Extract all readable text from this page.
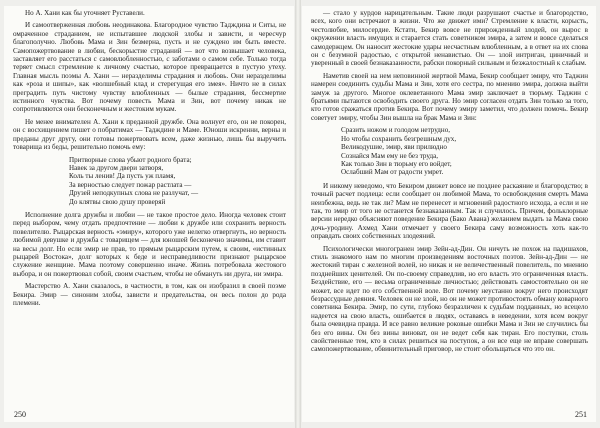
Но А. Хани как бы уточняет Руставели.

И самоотверженная любовь неодинакова. Благородное чувство Тадждина и Ситы, не омраченное страданием, не испытавшее людской злобы и зависти, и чересчур благополучно. Любовь Мама и Зин безмерна, пусть и не суждено им быть вместе. Самопожертвование в любви, бескорыстие страданий — вот что возвышает человека, заставляет его расстаться с самовлюбленностью, с заботами о самом себе. Только тогда теряет смысл стремление к личному счастью, которое превращается в пустую утеху. Главная мысль поэмы А. Хани — неразделимы страдания и любовь. Они неразделимы как «роза и шипы», как «волшебный клад и стерегущая его змея». Ничто не в силах преградить путь чистому чувству влюбленных — былые страдания, бессмертие истинного чувства. Вот почему повесть Мама и Зин, вот почему никак не сопротивляются они бесконечным и жестоким мукам.

Не менее внимателен А. Хани к преданной дружбе. Она волнует его, он не покорен, он с восхищением пишет о побратимах — Тадждине и Маме. Юноши искренни, верны и преданы друг другу, они готовы пожертвовать всем, даже жизнью, лишь бы выручить товарища из беды, решительно помочь ему:

Притворные слова убьют родного брата;
Навек за другом двери затворя,
Коль ты ленив! Да пусть уж пламя,
За верностью следует пожар растлата —
Друзей неподкупных слова не разлучат, —
До клятвы свою душу проверяй

Исполнение долга дружбы и любви — не такое простое дело. Иногда человек стоит перед выбором, чему отдать предпочтение — любви к дружбе или сохранить верность повелителю. Рыцарская верность «эмиру», которого уже нелегко отвергнуть, но верность любимой девушке и дружба с товарищем — для юношей бесконечно значимы, им ставит на весы долг. Но если эмир не прав, то прямым рыцарским путем, к своим, «истинных рыцарей Востока», долг которых к беде и несправедливости признают рыцарское служение женщине. Мама поэтому совершенно иначе. Жизнь потребовала жестокого выбора, и он пожертвовал собой, своим счастьем, чтобы не обмануть ни друга, ни эмира.

Мастерство А. Хани сказалось, в частности, в том, как он изобразил в своей поэме Бекира. Эмир — синоним злобы, зависти и предательства, он весь полон до рода племени.

250

— стало у курдов нарицательным. Такие люди разрушают счастье и благородство, всех, кого они встречают в жизни. Что же движет ими? Стремление к власти, корысть, честолюбие, милосердие. Кстати, Бекир вовсе не прирожденный злодей, он вырос в окружении власть имущих и старается стать советником эмира, а затем и вовсе сделаться самодержцем. Он наносит жестокие удары несчастным влюбленным, а в ответ на их слова он с безумной радостью, с открытой ненавистью. Он — злой интриган, циничный и уверенный в своей безнаказанности, рабски покорный сильным и безжалостный к слабым.

Наметив своей на нем неповинной жертвой Мама, Бекир сообщает эмиру, что Таджин намерен соединить судьбы Мама и Зин, хотя его сестра, по мнению эмира, должна выйти замуж за другого. Многое оклеветанного Мама эмир заключает в тюрьму. Таджин с братьями пытаются освободить своего друга. Но эмир согласен отдать Зин только за того, кто готов сражаться против Бекира. Вот почему эмиру заметил, что должен помочь. Бекир советует эмиру, чтобы Зин вышла на брак Мама и Зин:

Сразить ножом и голодом нетрудно,
Но чтобы сохранить безгрешным дух,
Великодушие, эмир, яви прилюдно
Сознайся Мам ему не без труда,
Как только Зин в тюрьму его войдет,
Ослабший Мам от радости умрет.

И никому неведомо, что Бекиром движет вовсе не позднее раскаяние и благородство; в точный расчет подлеца: если сообщает он любимой Мама, то освобождения смерть Мама неизбежна, ведь не так ли? Мам не перенесет и мгновений радостного исхода, а если и не так, то эмир от того не останется безнаказанным. Так и случилось. Причем, фольклорные версии нередко объясняют поведение Бекира (Бако Авана) желанием выдать за Мама свою дочь-уродину. Ахмед Хани отмечает у своего Бекира саму возможность хоть как-то оправдать своих собственных злодеяний.

Психологически многогранен эмир Зейн-ад-Дин. Он ничуть не похож на падишахов, стиль знакомого нам по многим произведениям восточных поэтов. Зейн-ад-Дин — не жестокий тиран с железной волей, но никак и не величественный повелитель, по мнению позднейших ценителей. Он по-своему справедлив, но его власть это ограниченная власть. Бездействие, его — весьма ограниченные личностью; действовать самостоятельно он не может, все идет по его собственной воле. Вот почему неустанно вокруг него происходят безрассудные деяния. Человек он не злой, но он не может противостоять обману коварного советника Бекира. Эмир, по сути, глубоко безразличен к судьбам подданных, но всецело надеется на свою власть, ошибается в людях, оставаясь в неведении, хотя всем вокруг была очевидна правда. И все равно великие роковые ошибки Мама и Зин не случились бы без его вины. Он без вины виноват, он не ведет себя как тиран. Его поступки, столь свойственные тем, кто в силах решиться на поступок, а он все еще не вправе совершать самопожертвование, обвинительный приговор, не стоит обольщаться что это он.

251
